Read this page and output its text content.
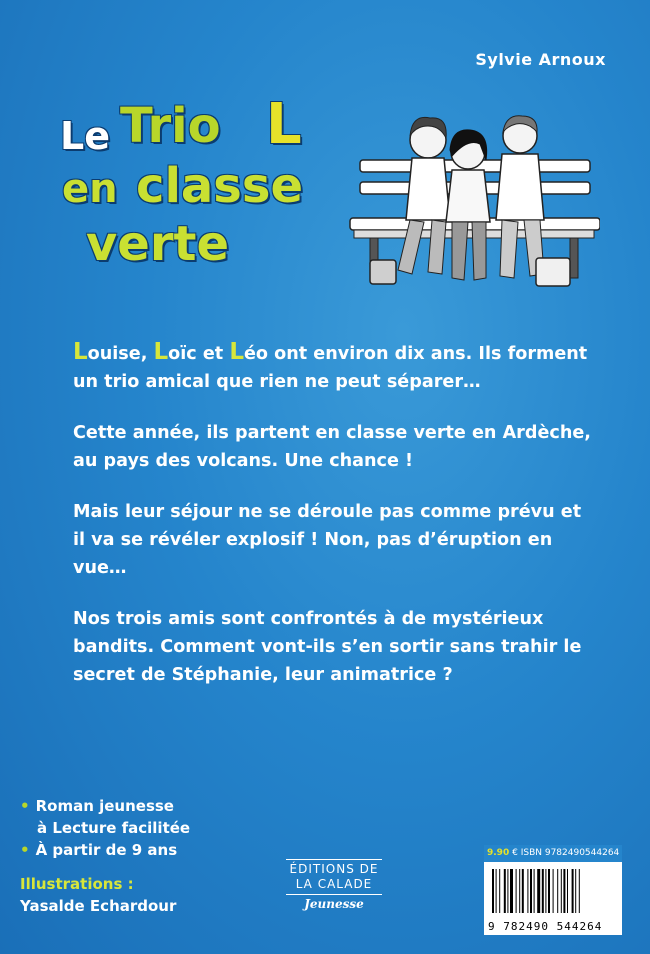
Sylvie Arnoux
Le Trio L
en classe
verte

Louise, Loïc et Léo ont environ dix ans. Ils forment un trio amical que rien ne peut séparer…

Cette année, ils partent en classe verte en Ardèche, au pays des volcans. Une chance !

Mais leur séjour ne se déroule pas comme prévu et il va se révéler explosif ! Non, pas d’éruption en vue…

Nos trois amis sont confrontés à de mystérieux bandits. Comment vont-ils s’en sortir sans trahir le secret de Stéphanie, leur animatrice ?

• Roman jeunesse
à Lecture facilitée
• À partir de 9 ans
Illustrations :
Yasalde Echardour
ÉDITIONS DE
LA CALADE
Jeunesse
9.90 € ISBN 9782490544264
9 782490 544264
